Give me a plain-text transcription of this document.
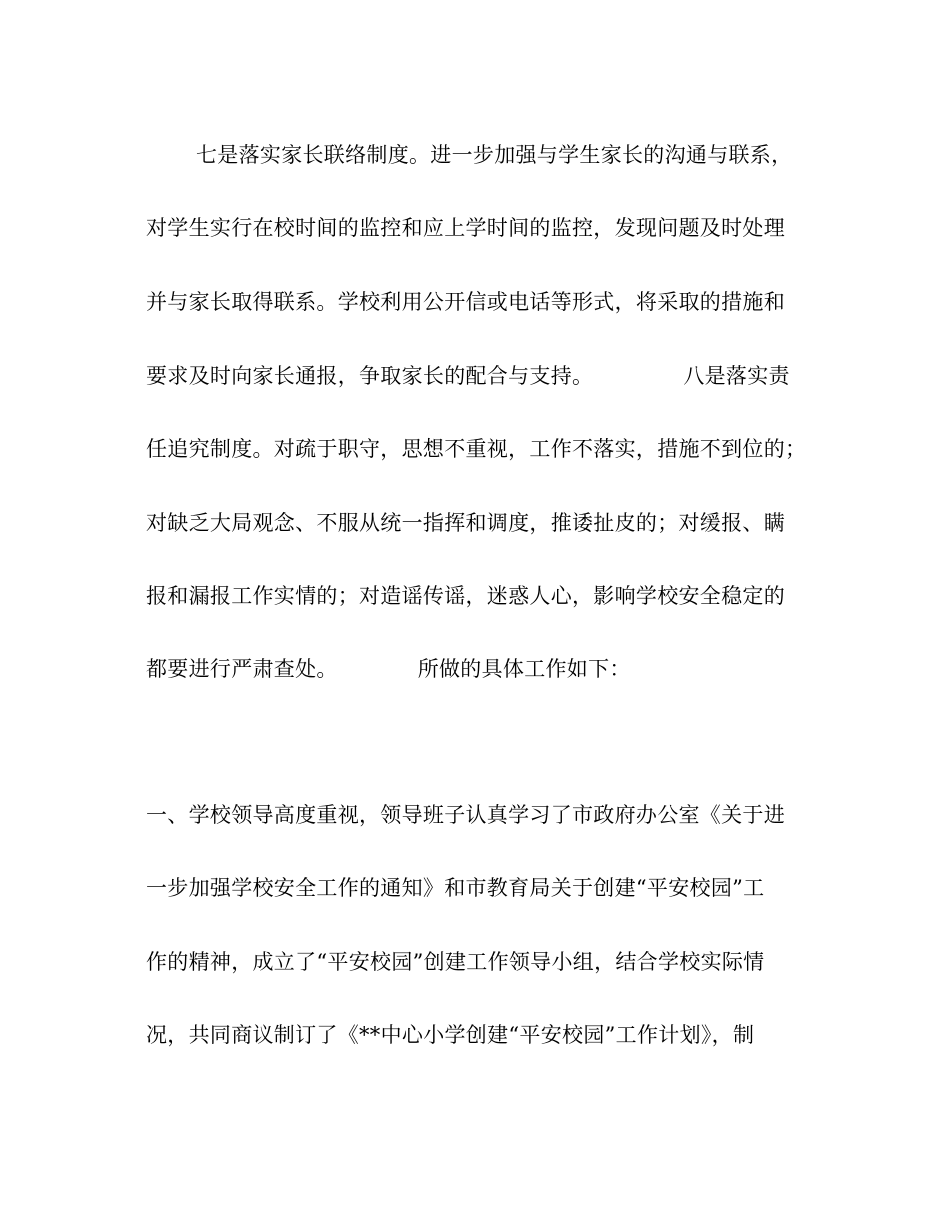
七是落实家长联络制度。进一步加强与学生家长的沟通与联系，
对学生实行在校时间的监控和应上学时间的监控，发现问题及时处理
并与家长取得联系。学校利用公开信或电话等形式，将采取的措施和
要求及时向家长通报，争取家长的配合与支持。	八是落实责
任追究制度。对疏于职守，思想不重视，工作不落实，措施不到位的；
对缺乏大局观念、不服从统一指挥和调度，推诿扯皮的；对缓报、瞒
报和漏报工作实情的；对造谣传谣，迷惑人心，影响学校安全稳定的
都要进行严肃查处。	所做的具体工作如下：
一、学校领导高度重视，领导班子认真学习了市政府办公室《关于进
一步加强学校安全工作的通知》和市教育局关于创建“平安校园”工
作的精神，成立了“平安校园”创建工作领导小组，结合学校实际情
况，共同商议制订了《**中心小学创建“平安校园”工作计划》，制
